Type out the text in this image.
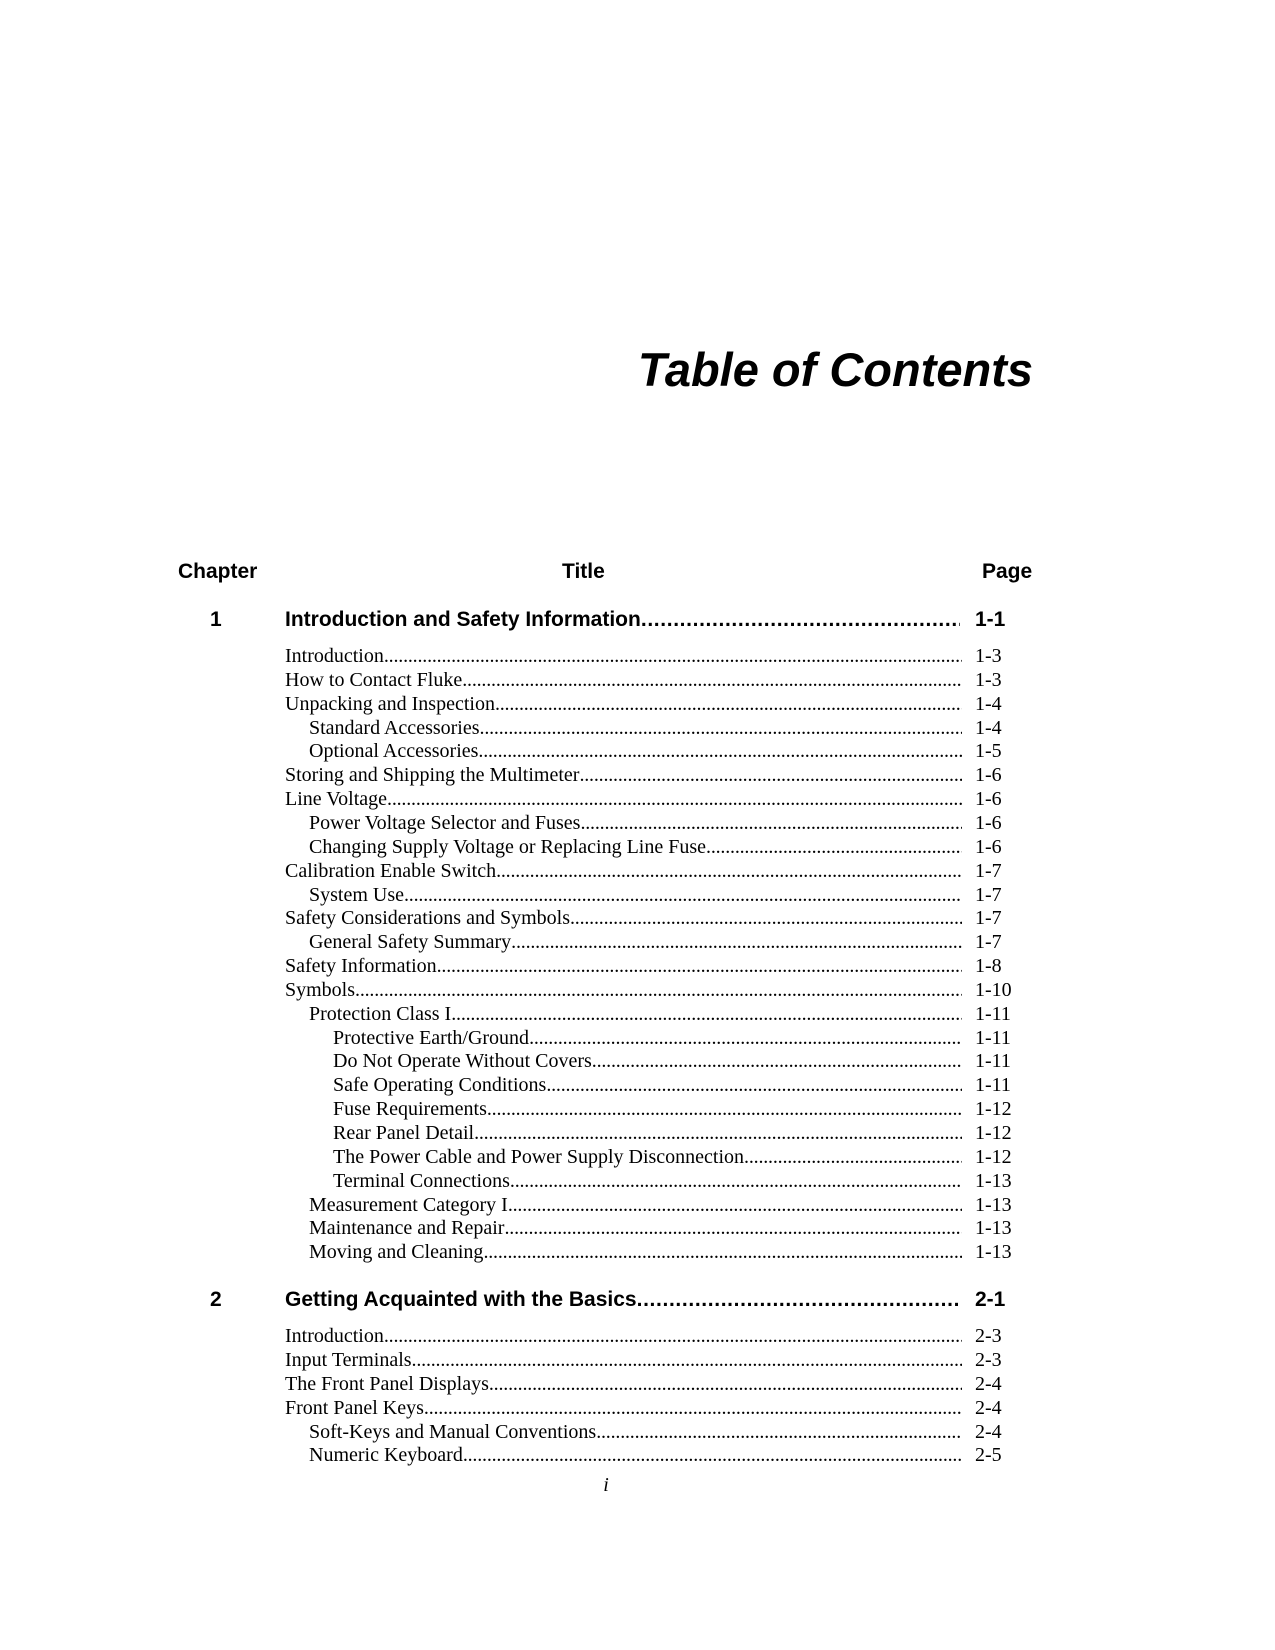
Table of Contents
Chapter	Title	Page
1	Introduction and Safety Information . . .	1-1
Introduction . . .	1-3
How to Contact Fluke . . .	1-3
Unpacking and Inspection . . .	1-4
Standard Accessories . . .	1-4
Optional Accessories . . .	1-5
Storing and Shipping the Multimeter . . .	1-6
Line Voltage . . .	1-6
Power Voltage Selector and Fuses . . .	1-6
Changing Supply Voltage or Replacing Line Fuse . . .	1-6
Calibration Enable Switch . . .	1-7
System Use . . .	1-7
Safety Considerations and Symbols . . .	1-7
General Safety Summary . . .	1-7
Safety Information . . .	1-8
Symbols . . .	1-10
Protection Class I . . .	1-11
Protective Earth/Ground . . .	1-11
Do Not Operate Without Covers . . .	1-11
Safe Operating Conditions . . .	1-11
Fuse Requirements . . .	1-12
Rear Panel Detail . . .	1-12
The Power Cable and Power Supply Disconnection . . .	1-12
Terminal Connections . . .	1-13
Measurement Category I . . .	1-13
Maintenance and Repair . . .	1-13
Moving and Cleaning . . .	1-13
2	Getting Acquainted with the Basics . . .	2-1
Introduction . . .	2-3
Input Terminals . . .	2-3
The Front Panel Displays . . .	2-4
Front Panel Keys . . .	2-4
Soft-Keys and Manual Conventions . . .	2-4
Numeric Keyboard . . .	2-5
i
